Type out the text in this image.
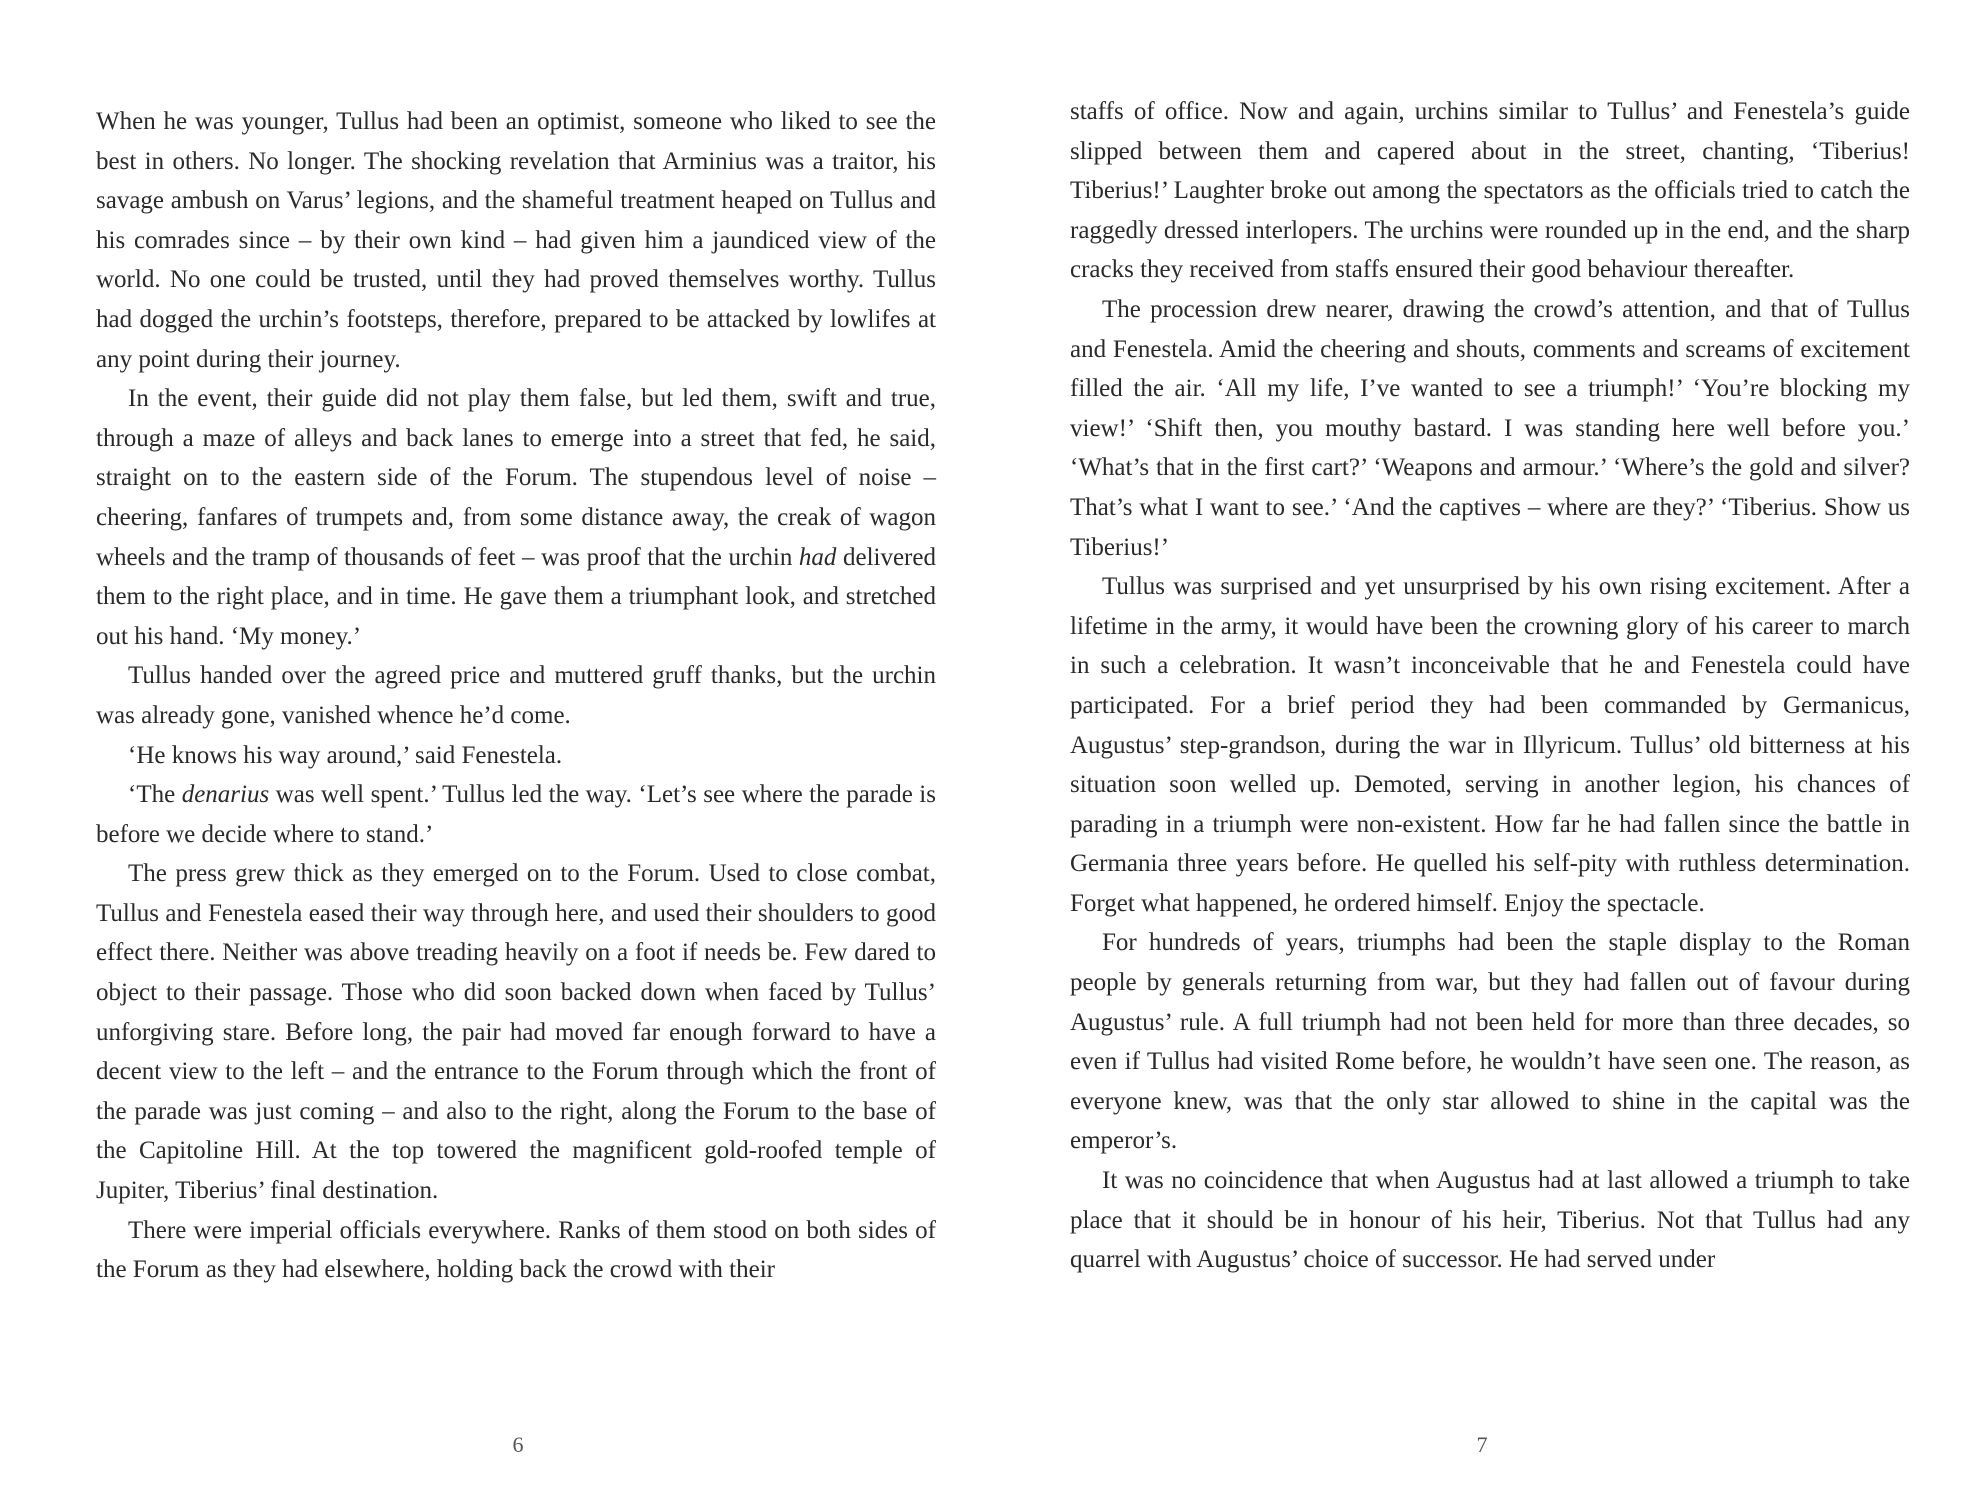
When he was younger, Tullus had been an optimist, someone who liked to see the best in others. No longer. The shocking revelation that Arminius was a traitor, his savage ambush on Varus’ legions, and the shameful treatment heaped on Tullus and his comrades since – by their own kind – had given him a jaundiced view of the world. No one could be trusted, until they had proved themselves worthy. Tullus had dogged the urchin’s footsteps, therefore, prepared to be attacked by lowlifes at any point during their journey.

In the event, their guide did not play them false, but led them, swift and true, through a maze of alleys and back lanes to emerge into a street that fed, he said, straight on to the eastern side of the Forum. The stupendous level of noise – cheering, fanfares of trumpets and, from some distance away, the creak of wagon wheels and the tramp of thousands of feet – was proof that the urchin had delivered them to the right place, and in time. He gave them a triumphant look, and stretched out his hand. ‘My money.’

Tullus handed over the agreed price and muttered gruff thanks, but the urchin was already gone, vanished whence he’d come.

‘He knows his way around,’ said Fenestela.

‘The denarius was well spent.’ Tullus led the way. ‘Let’s see where the parade is before we decide where to stand.’

The press grew thick as they emerged on to the Forum. Used to close combat, Tullus and Fenestela eased their way through here, and used their shoulders to good effect there. Neither was above treading heavily on a foot if needs be. Few dared to object to their passage. Those who did soon backed down when faced by Tullus’ unforgiving stare. Before long, the pair had moved far enough forward to have a decent view to the left – and the entrance to the Forum through which the front of the parade was just coming – and also to the right, along the Forum to the base of the Capitoline Hill. At the top towered the magnificent gold-roofed temple of Jupiter, Tiberius’ final destination.

There were imperial officials everywhere. Ranks of them stood on both sides of the Forum as they had elsewhere, holding back the crowd with their

6

staffs of office. Now and again, urchins similar to Tullus’ and Fenestela’s guide slipped between them and capered about in the street, chanting, ‘Tiberius! Tiberius!’ Laughter broke out among the spectators as the officials tried to catch the raggedly dressed interlopers. The urchins were rounded up in the end, and the sharp cracks they received from staffs ensured their good behaviour thereafter.

The procession drew nearer, drawing the crowd’s attention, and that of Tullus and Fenestela. Amid the cheering and shouts, comments and screams of excitement filled the air. ‘All my life, I’ve wanted to see a triumph!’ ‘You’re blocking my view!’ ‘Shift then, you mouthy bastard. I was standing here well before you.’ ‘What’s that in the first cart?’ ‘Weapons and armour.’ ‘Where’s the gold and silver? That’s what I want to see.’ ‘And the captives – where are they?’ ‘Tiberius. Show us Tiberius!’

Tullus was surprised and yet unsurprised by his own rising excitement. After a lifetime in the army, it would have been the crowning glory of his career to march in such a celebration. It wasn’t inconceivable that he and Fenestela could have participated. For a brief period they had been commanded by Germanicus, Augustus’ step-grandson, during the war in Illyricum. Tullus’ old bitterness at his situation soon welled up. Demoted, serving in another legion, his chances of parading in a triumph were non-existent. How far he had fallen since the battle in Germania three years before. He quelled his self-pity with ruthless determination. Forget what happened, he ordered himself. Enjoy the spectacle.

For hundreds of years, triumphs had been the staple display to the Roman people by generals returning from war, but they had fallen out of favour during Augustus’ rule. A full triumph had not been held for more than three decades, so even if Tullus had visited Rome before, he wouldn’t have seen one. The reason, as everyone knew, was that the only star allowed to shine in the capital was the emperor’s.

It was no coincidence that when Augustus had at last allowed a triumph to take place that it should be in honour of his heir, Tiberius. Not that Tullus had any quarrel with Augustus’ choice of successor. He had served under

7
